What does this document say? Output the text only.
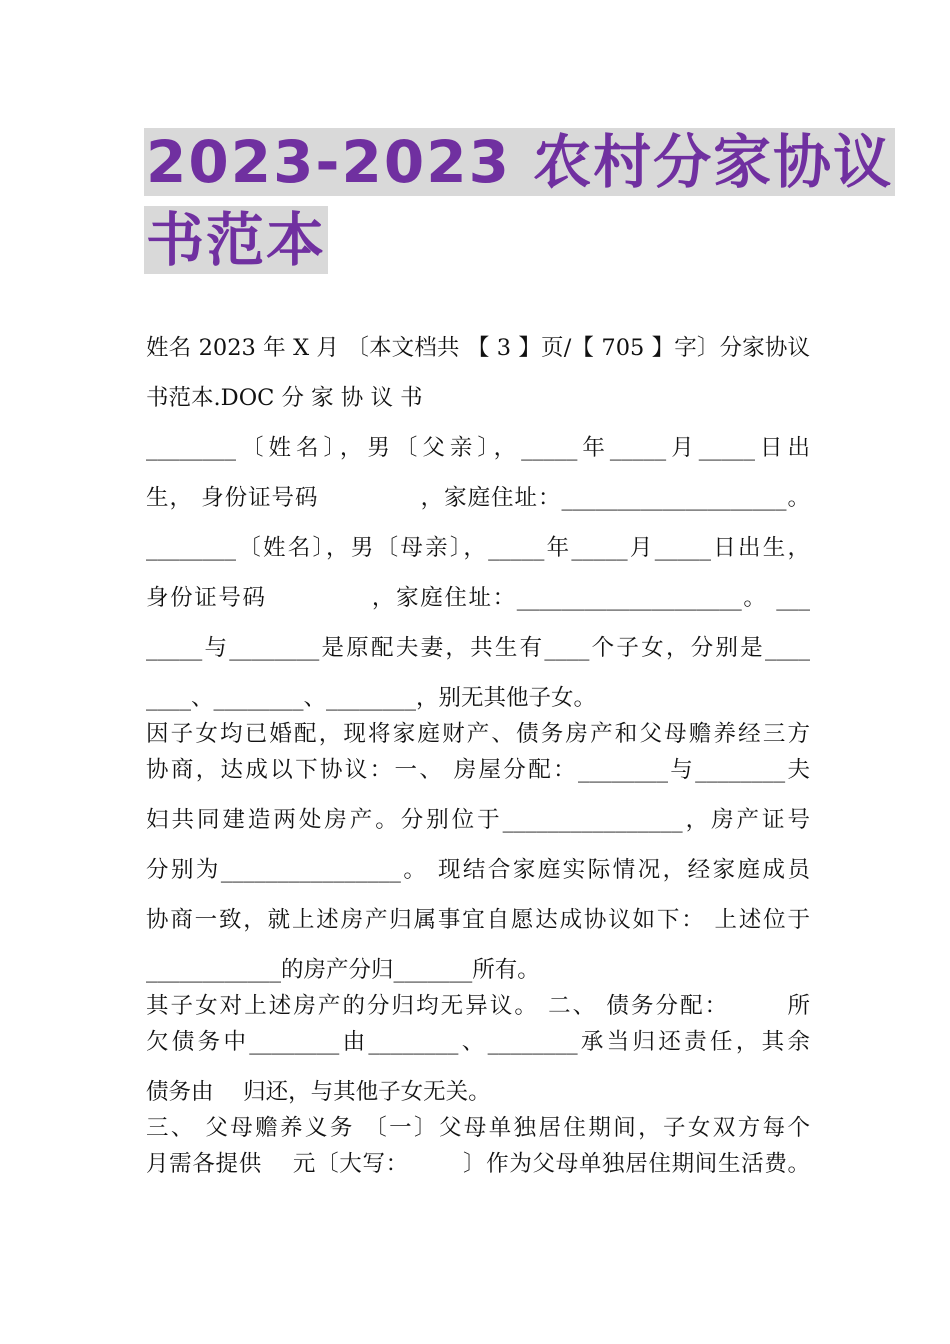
2023-2023 农村分家协议
书范本
姓名 2023 年 X 月 〔本文档共 【 3 】页/【 705 】字〕分家协议
书范本.DOC 分 家 协 议 书
________〔姓名〕，男〔父亲〕，_____年_____月_____日出
生， 身份证号码 　　　　，家庭住址：____________________。
________〔姓名〕，男〔母亲〕，_____年_____月_____日出生，
身份证号码 　　　　，家庭住址：____________________。 ___
_____与________是原配夫妻，共生有____个子女，分别是____
____、________、________，别无其他子女。
因子女均已婚配，现将家庭财产、债务房产和父母赡养经三方
协商，达成以下协议：一、 房屋分配：________与________夫
妇共同建造两处房产。分别位于________________，房产证号
分别为________________。 现结合家庭实际情况，经家庭成员
协商一致，就上述房产归属事宜自愿达成协议如下： 上述位于
____________的房产分归_______所有。
其子女对上述房产的分归均无异议。 二、 债务分配： 　　所
欠债务中________由________、________承当归还责任，其余
债务由 　归还，与其他子女无关。
三、 父母赡养义务 〔一〕父母单独居住期间，子女双方每个
月需各提供 　元〔大写： 　　〕作为父母单独居住期间生活费。
